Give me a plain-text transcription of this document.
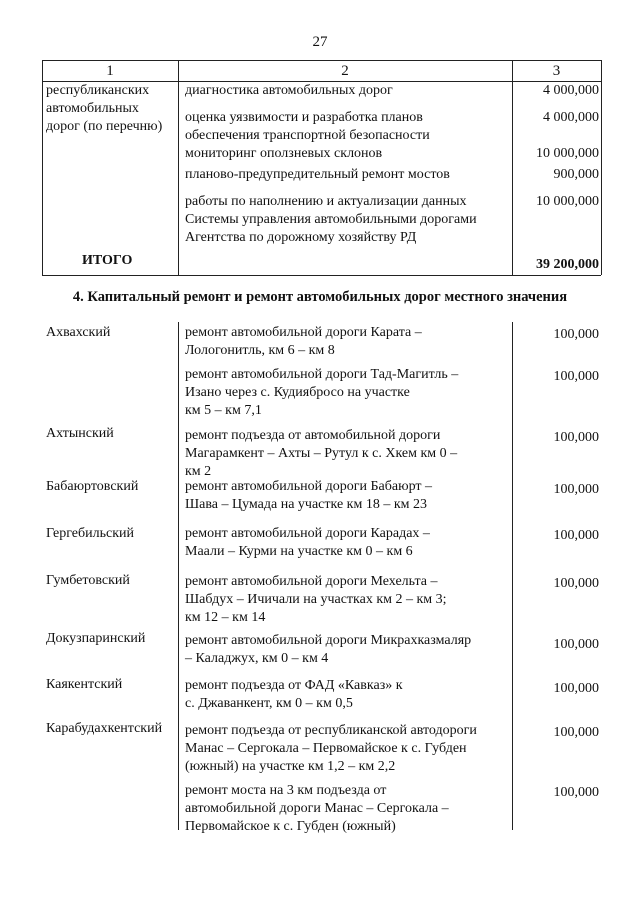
27
1	2	3
республиканских
автомобильных
дорог (по перечню)
диагностика автомобильных дорог	4 000,000
оценка уязвимости и разработка планов
обеспечения транспортной безопасности
4 000,000
мониторинг оползневых склонов	10 000,000
планово-предупредительный ремонт мостов	900,000
работы по наполнению и актуализации данных
Системы управления автомобильными дорогами
Агентства по дорожному хозяйству РД
10 000,000
ИТОГО	39 200,000
4. Капитальный ремонт и ремонт автомобильных дорог местного значения
Ахвахский	ремонт автомобильной дороги Карата –
Лологонитль, км 6 – км 8
100,000
ремонт автомобильной дороги Тад-Магитль –
Изано через с. Кудиябросо на участке
км 5 – км 7,1
100,000
Ахтынский	ремонт подъезда от автомобильной дороги
Магарамкент – Ахты – Рутул к с. Хкем км 0 –
км 2
100,000
Бабаюртовский	ремонт автомобильной дороги Бабаюрт –
Шава – Цумада на участке км 18 – км 23
100,000
Гергебильский	ремонт автомобильной дороги Карадах –
Маали – Курми на участке км 0 – км 6
100,000
Гумбетовский	ремонт автомобильной дороги Мехельта –
Шабдух – Ичичали на участках км 2 – км 3;
км 12 – км 14
100,000
Докузпаринский	ремонт автомобильной дороги Микрахказмаляр
– Каладжух, км 0 – км 4
100,000
Каякентский	ремонт подъезда от ФАД «Кавказ» к
с. Джаванкент, км 0 – км 0,5
100,000
Карабудахкентский	ремонт подъезда от республиканской автодороги
Манас – Сергокала – Первомайское к с. Губден
(южный) на участке км 1,2 – км 2,2
100,000
ремонт моста на 3 км подъезда от
автомобильной дороги Манас – Сергокала –
Первомайское к с. Губден (южный)
100,000
